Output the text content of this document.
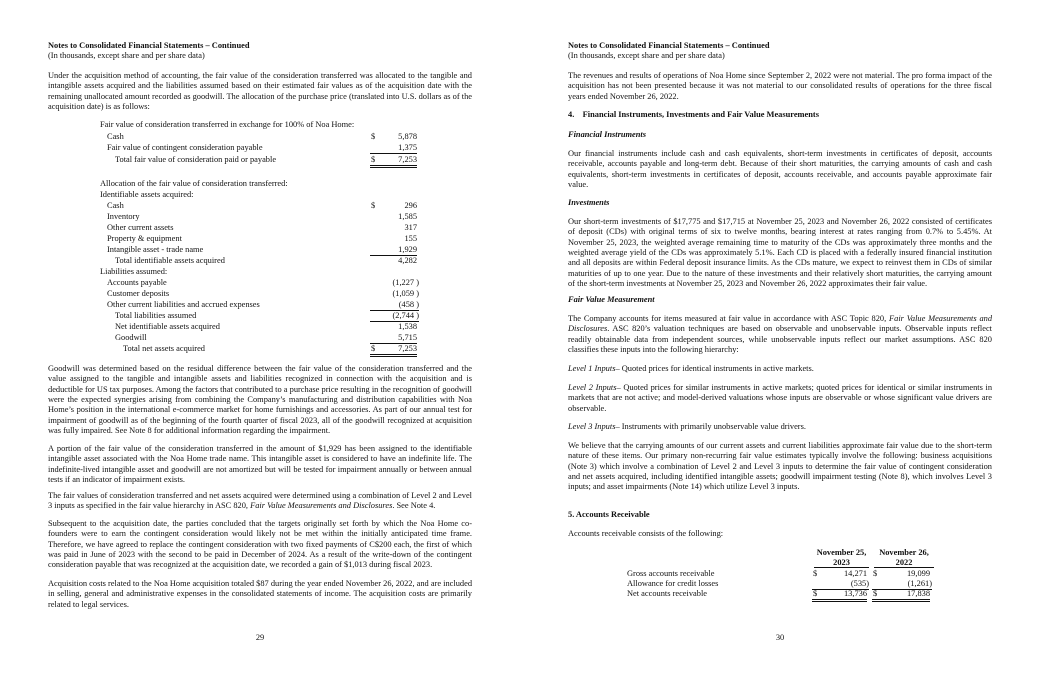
Notes to Consolidated Financial Statements – Continued
(In thousands, except share and per share data)
Under the acquisition method of accounting, the fair value of the consideration transferred was allocated to the tangible and intangible assets acquired and the liabilities assumed based on their estimated fair values as of the acquisition date with the remaining unallocated amount recorded as goodwill. The allocation of the purchase price (translated into U.S. dollars as of the acquisition date) is as follows:
Fair value of consideration transferred in exchange for 100% of Noa Home:
Cash	$	5,878
Fair value of contingent consideration payable	1,375
Total fair value of consideration paid or payable	$	7,253
Allocation of the fair value of consideration transferred:
Identifiable assets acquired:
Cash	$	296
Inventory	1,585
Other current assets	317
Property & equipment	155
Intangible asset - trade name	1,929
Total identifiable assets acquired	4,282
Liabilities assumed:
Accounts payable	(1,227 )
Customer deposits	(1,059 )
Other current liabilities and accrued expenses	(458 )
Total liabilities assumed	(2,744 )
Net identifiable assets acquired	1,538
Goodwill	5,715
Total net assets acquired	$	7,253
Goodwill was determined based on the residual difference between the fair value of the consideration transferred and the value assigned to the tangible and intangible assets and liabilities recognized in connection with the acquisition and is deductible for US tax purposes. Among the factors that contributed to a purchase price resulting in the recognition of goodwill were the expected synergies arising from combining the Company’s manufacturing and distribution capabilities with Noa Home’s position in the international e-commerce market for home furnishings and accessories. As part of our annual test for impairment of goodwill as of the beginning of the fourth quarter of fiscal 2023, all of the goodwill recognized at acquisition was fully impaired. See Note 8 for additional information regarding the impairment.
A portion of the fair value of the consideration transferred in the amount of $1,929 has been assigned to the identifiable intangible asset associated with the Noa Home trade name. This intangible asset is considered to have an indefinite life. The indefinite-lived intangible asset and goodwill are not amortized but will be tested for impairment annually or between annual tests if an indicator of impairment exists.
The fair values of consideration transferred and net assets acquired were determined using a combination of Level 2 and Level 3 inputs as specified in the fair value hierarchy in ASC 820, Fair Value Measurements and Disclosures. See Note 4.
Subsequent to the acquisition date, the parties concluded that the targets originally set forth by which the Noa Home co-founders were to earn the contingent consideration would likely not be met within the initially anticipated time frame. Therefore, we have agreed to replace the contingent consideration with two fixed payments of C$200 each, the first of which was paid in June of 2023 with the second to be paid in December of 2024. As a result of the write-down of the contingent consideration payable that was recognized at the acquisition date, we recorded a gain of $1,013 during fiscal 2023.
Acquisition costs related to the Noa Home acquisition totaled $87 during the year ended November 26, 2022, and are included in selling, general and administrative expenses in the consolidated statements of income. The acquisition costs are primarily related to legal services.
29
Notes to Consolidated Financial Statements – Continued
(In thousands, except share and per share data)
The revenues and results of operations of Noa Home since September 2, 2022 were not material. The pro forma impact of the acquisition has not been presented because it was not material to our consolidated results of operations for the three fiscal years ended November 26, 2022.
4.    Financial Instruments, Investments and Fair Value Measurements
Financial Instruments
Our financial instruments include cash and cash equivalents, short-term investments in certificates of deposit, accounts receivable, accounts payable and long-term debt. Because of their short maturities, the carrying amounts of cash and cash equivalents, short-term investments in certificates of deposit, accounts receivable, and accounts payable approximate fair value.
Investments
Our short-term investments of $17,775 and $17,715 at November 25, 2023 and November 26, 2022 consisted of certificates of deposit (CDs) with original terms of six to twelve months, bearing interest at rates ranging from 0.7% to 5.45%. At November 25, 2023, the weighted average remaining time to maturity of the CDs was approximately three months and the weighted average yield of the CDs was approximately 5.1%. Each CD is placed with a federally insured financial institution and all deposits are within Federal deposit insurance limits. As the CDs mature, we expect to reinvest them in CDs of similar maturities of up to one year. Due to the nature of these investments and their relatively short maturities, the carrying amount of the short-term investments at November 25, 2023 and November 26, 2022 approximates their fair value.
Fair Value Measurement
The Company accounts for items measured at fair value in accordance with ASC Topic 820, Fair Value Measurements and Disclosures. ASC 820’s valuation techniques are based on observable and unobservable inputs. Observable inputs reflect readily obtainable data from independent sources, while unobservable inputs reflect our market assumptions. ASC 820 classifies these inputs into the following hierarchy:
Level 1 Inputs– Quoted prices for identical instruments in active markets.
Level 2 Inputs– Quoted prices for similar instruments in active markets; quoted prices for identical or similar instruments in markets that are not active; and model-derived valuations whose inputs are observable or whose significant value drivers are observable.
Level 3 Inputs– Instruments with primarily unobservable value drivers.
We believe that the carrying amounts of our current assets and current liabilities approximate fair value due to the short-term nature of these items. Our primary non-recurring fair value estimates typically involve the following: business acquisitions (Note 3) which involve a combination of Level 2 and Level 3 inputs to determine the fair value of contingent consideration and net assets acquired, including identified intangible assets; goodwill impairment testing (Note 8), which involves Level 3 inputs; and asset impairments (Note 14) which utilize Level 3 inputs.
5. Accounts Receivable
Accounts receivable consists of the following:
November 25, 2023
November 26, 2022
Gross accounts receivable	$	14,271 $	19,099
Allowance for credit losses	(535)	(1,261)
Net accounts receivable	$	13,736 $	17,838
30
